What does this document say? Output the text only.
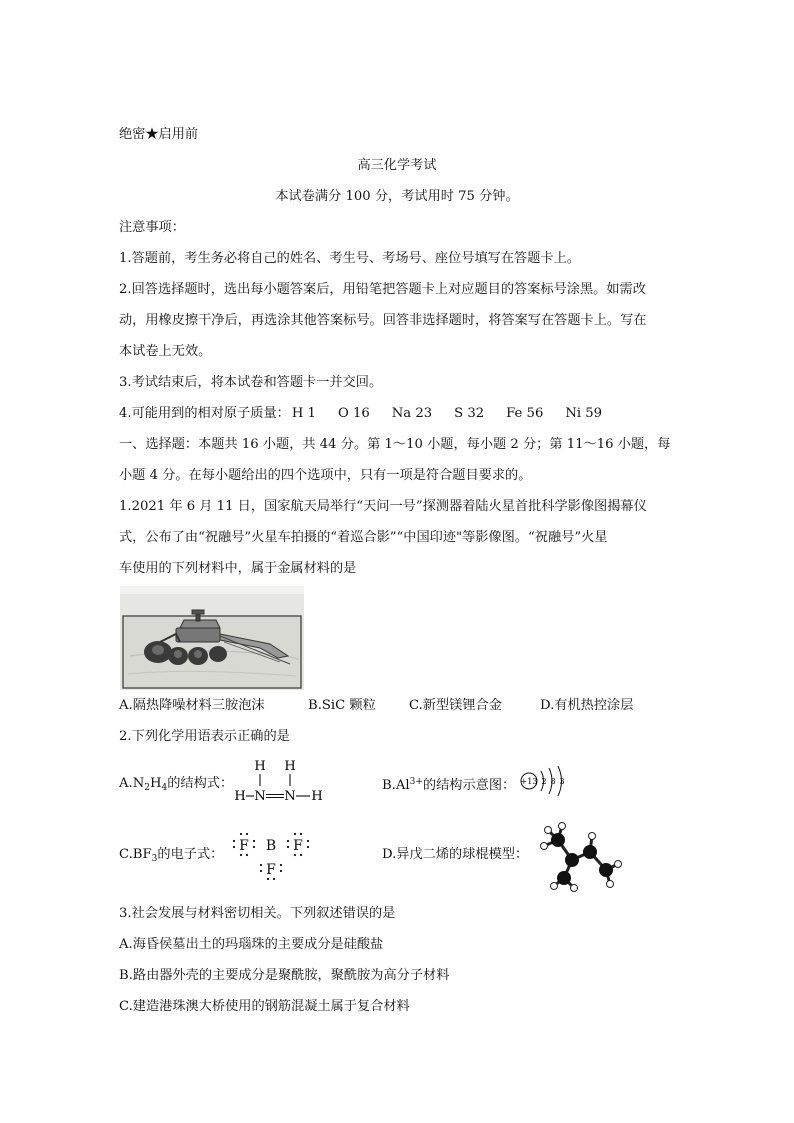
绝密★启用前
高三化学考试
本试卷满分 100 分，考试用时 75 分钟。
注意事项：
1.答题前，考生务必将自己的姓名、考生号、考场号、座位号填写在答题卡上。
2.回答选择题时，选出每小题答案后，用铅笔把答题卡上对应题目的答案标号涂黑。如需改
动，用橡皮擦干净后，再选涂其他答案标号。回答非选择题时，将答案写在答题卡上。写在
本试卷上无效。
3.考试结束后，将本试卷和答题卡一并交回。
4.可能用到的相对原子质量： H 1 O 16 Na 23 S 32 Fe 56 Ni 59
一、选择题：本题共 16 小题，共 44 分。第 1～10 小题，每小题 2 分；第 11～16 小题，每
小题 4 分。在每小题给出的四个选项中，只有一项是符合题目要求的。
1.2021 年 6 月 11 日，国家航天局举行“天问一号”探测器着陆火星首批科学影像图揭幕仪
式，公布了由“祝融号”火星车拍摄的“着巡合影”“中国印迹"等影像图。“祝融号”火星
车使用的下列材料中，属于金属材料的是
A.隔热降噪材料三胺泡沫	B.SiC 颗粒	C.新型镁锂合金	D.有机热控涂层
2.下列化学用语表示正确的是
$A.N_2H_4$的结构式：
H H
H N N H
$B.Al^{3+}$的结构示意图： +13 2 8 3
$C.BF_3$的电子式：
F B F
F
D.异戊二烯的球棍模型：
3.社会发展与材料密切相关。下列叙述错误的是
A.海昏侯墓出土的玛瑙珠的主要成分是硅酸盐
B.路由器外壳的主要成分是聚酰胺，聚酰胺为高分子材料
C.建造港珠澳大桥使用的钢筋混凝土属于复合材料
